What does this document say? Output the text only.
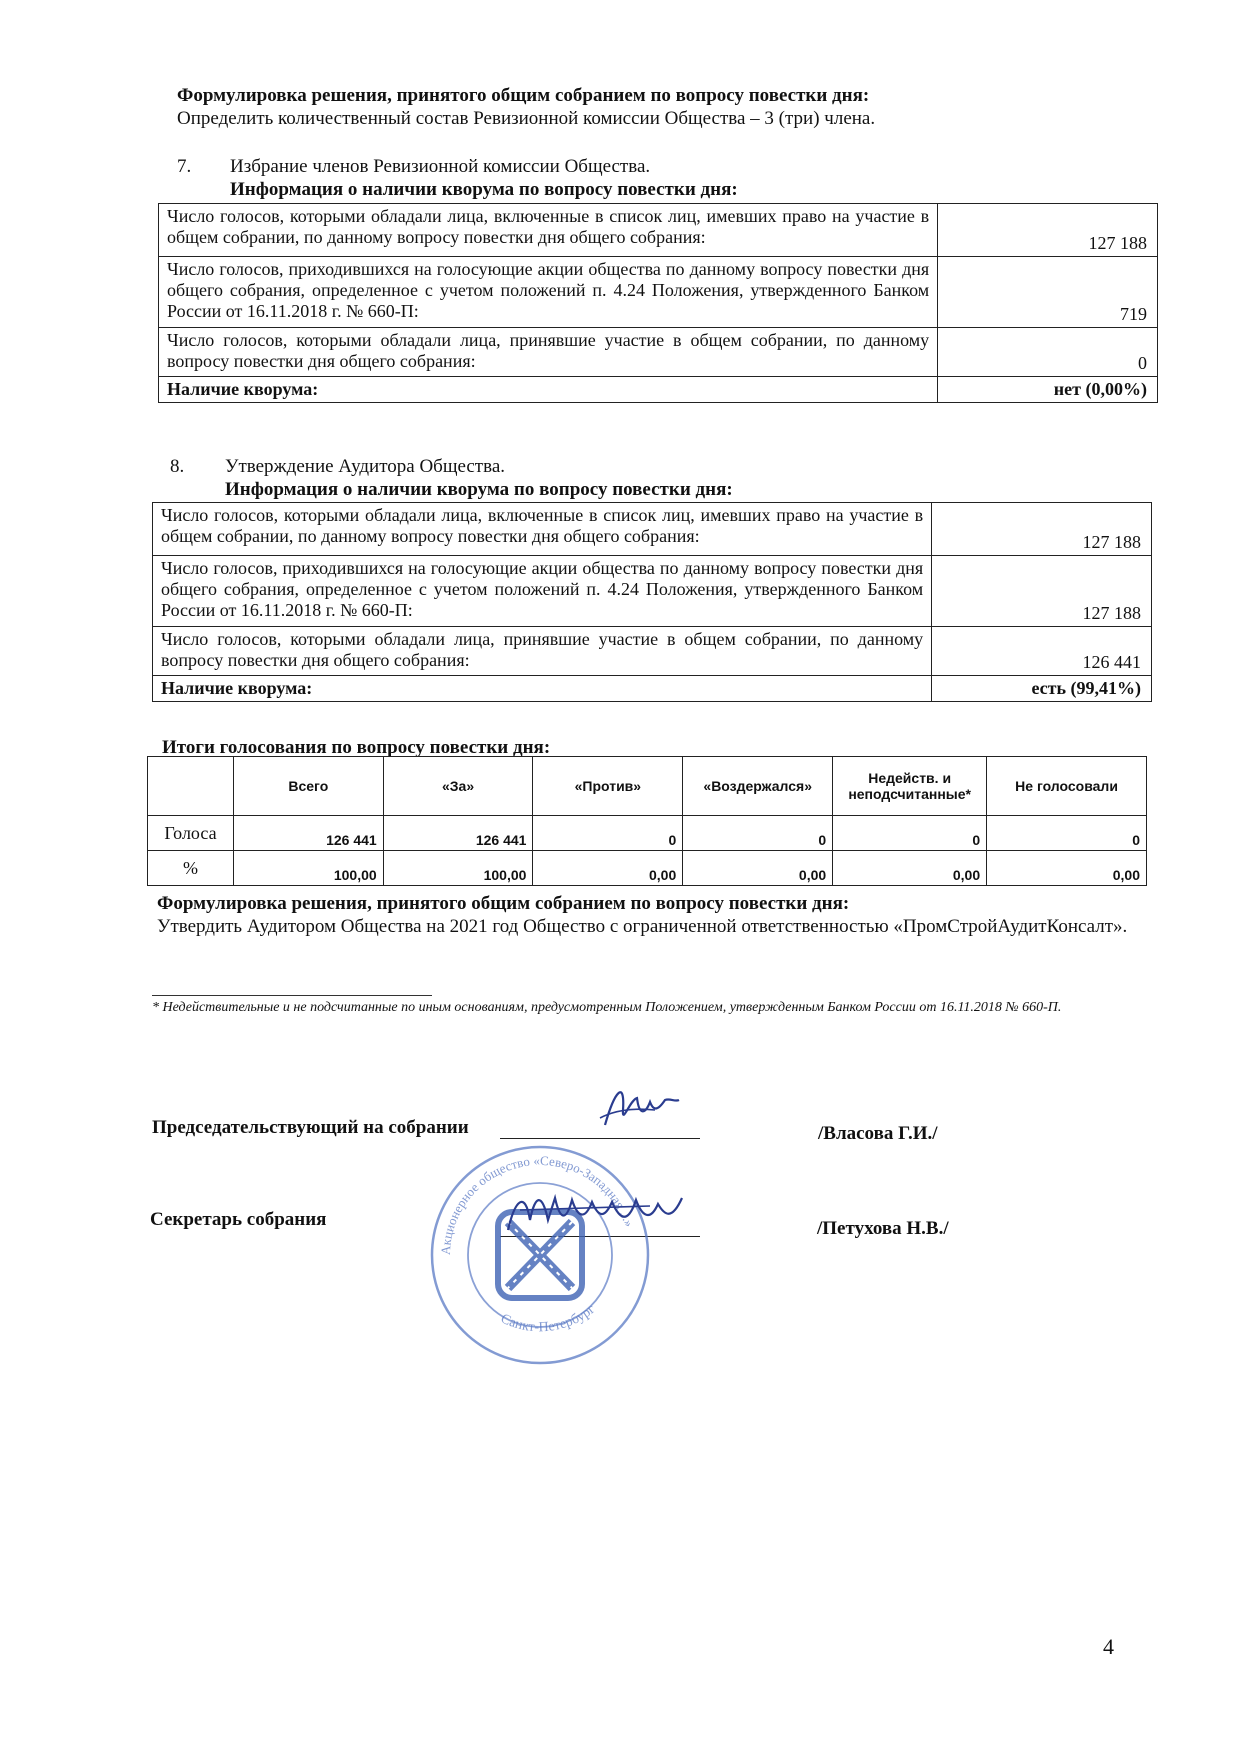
Формулировка решения, принятого общим собранием по вопросу повестки дня:
Определить количественный состав Ревизионной комиссии Общества – 3 (три) члена.
7. Избрание членов Ревизионной комиссии Общества.
Информация о наличии кворума по вопросу повестки дня:
Число голосов, которыми обладали лица, включенные в список лиц, имевших право на участие в общем собрании, по данному вопросу повестки дня общего собрания:	127 188
Число голосов, приходившихся на голосующие акции общества по данному вопросу повестки дня общего собрания, определенное с учетом положений п. 4.24 Положения, утвержденного Банком России от 16.11.2018 г. № 660-П:	719
Число голосов, которыми обладали лица, принявшие участие в общем собрании, по данному вопросу повестки дня общего собрания:	0
Наличие кворума:	нет (0,00%)
8. Утверждение Аудитора Общества.
Информация о наличии кворума по вопросу повестки дня:
Число голосов, которыми обладали лица, включенные в список лиц, имевших право на участие в общем собрании, по данному вопросу повестки дня общего собрания:	127 188
Число голосов, приходившихся на голосующие акции общества по данному вопросу повестки дня общего собрания, определенное с учетом положений п. 4.24 Положения, утвержденного Банком России от 16.11.2018 г. № 660-П:	127 188
Число голосов, которыми обладали лица, принявшие участие в общем собрании, по данному вопросу повестки дня общего собрания:	126 441
Наличие кворума:	есть (99,41%)
Итоги голосования по вопросу повестки дня:
	Всего	«За»	«Против»	«Воздержался»	Недейств. и неподсчитанные*	Не голосовали
Голоса	126 441	126 441	0	0	0	0
%	100,00	100,00	0,00	0,00	0,00	0,00
Формулировка решения, принятого общим собранием по вопросу повестки дня:
Утвердить Аудитором Общества на 2021 год Общество с ограниченной ответственностью «ПромСтройАудитКонсалт».
* Недействительные и не подсчитанные по иным основаниям, предусмотренным Положением, утвержденным Банком России от 16.11.2018 № 660-П.
Председательствующий на собрании	/Власова Г.И./
Секретарь собрания	/Петухова Н.В./
Акционерное общество «Северо-Западная ...»
Санкт-Петербург
4
